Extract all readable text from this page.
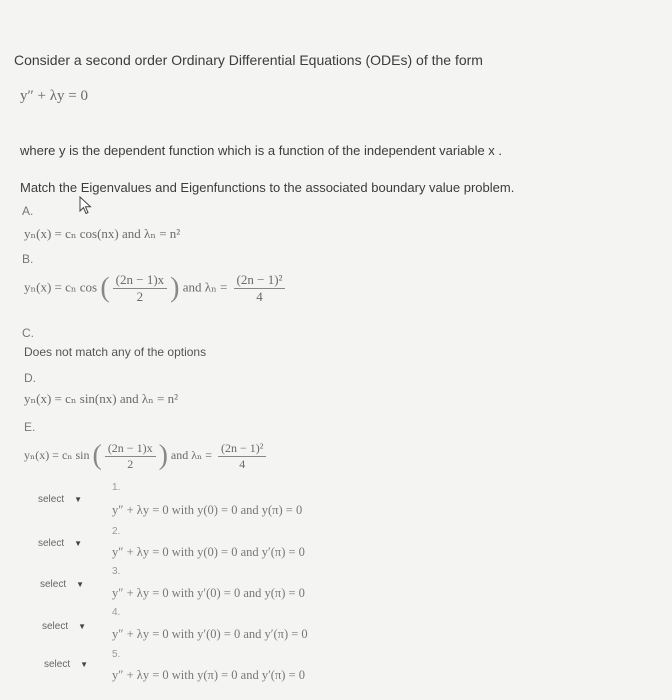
Consider a second order Ordinary Differential Equations (ODEs) of the form
y″ + λy = 0
where y is the dependent function which is a function of the independent variable x .
Match the Eigenvalues and Eigenfunctions to the associated boundary value problem.
A.
yₙ(x) = cₙ cos(nx) and λₙ = n²
B.
yₙ(x) = cₙ cos ( $\frac{(2n - 1)x}{2}$ ) and $\lambda_n = \frac{\text{(2n − 1)²}}{4}$
C.
Does not match any of the options
D.
yₙ(x) = cₙ sin(nx) and λₙ = n²
E.
yₙ(x) = cₙ sin ( $\frac{(2n - 1)x}{2}$ ) and $\lambda_n = \frac{\text{(2n − 1)²}}{4}$
select ▼
1.
y″ + λy = 0 with y(0) = 0 and y(π) = 0
select ▼
2.
y″ + λy = 0 with y(0) = 0 and y′(π) = 0
select ▼
3.
y″ + λy = 0 with y′(0) = 0 and y(π) = 0
select ▼
4.
y″ + λy = 0 with y′(0) = 0 and y′(π) = 0
select ▼
5.
y″ + λy = 0 with y(π) = 0 and y′(π) = 0
